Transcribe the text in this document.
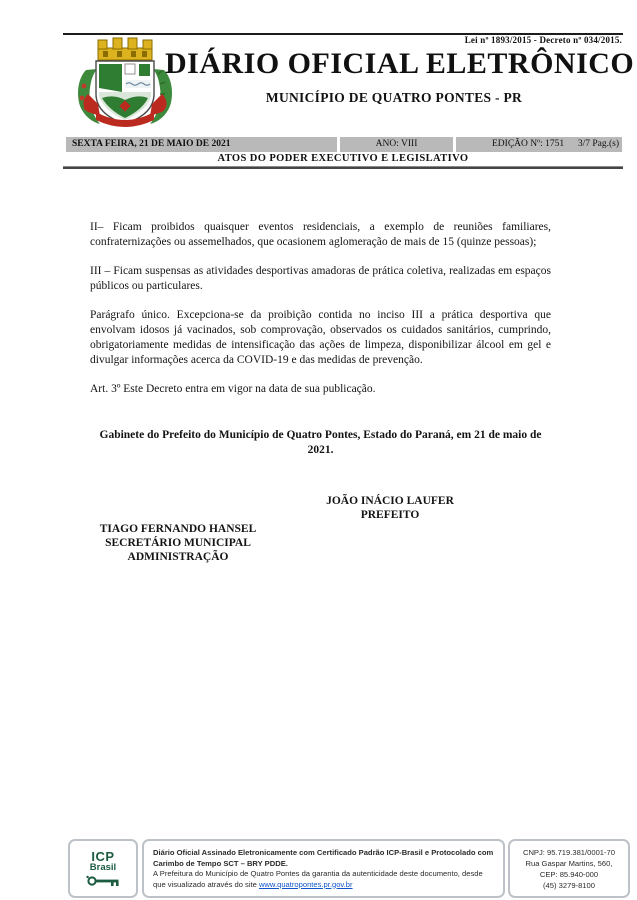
Lei nº 1893/2015 - Decreto nº 034/2015.
DIÁRIO OFICIAL ELETRÔNICO
MUNICÍPIO DE QUATRO PONTES - PR
SEXTA FEIRA, 21 DE MAIO DE 2021	ANO: VIII	EDIÇÃO Nº: 1751 3/7 Pag.(s)
ATOS DO PODER EXECUTIVO E LEGISLATIVO

II– Ficam proibidos quaisquer eventos residenciais, a exemplo de reuniões familiares, confraternizações ou assemelhados, que ocasionem aglomeração de mais de 15 (quinze pessoas);

III – Ficam suspensas as atividades desportivas amadoras de prática coletiva, realizadas em espaços públicos ou particulares.

Parágrafo único. Excepciona-se da proibição contida no inciso III a prática desportiva que envolvam idosos já vacinados, sob comprovação, observados os cuidados sanitários, cumprindo, obrigatoriamente medidas de intensificação das ações de limpeza, disponibilizar álcool em gel e divulgar informações acerca da COVID-19 e das medidas de prevenção.

Art. 3º Este Decreto entra em vigor na data de sua publicação.

Gabinete do Prefeito do Município de Quatro Pontes, Estado do Paraná, em 21 de maio de 2021.
JOÃO INÁCIO LAUFER
PREFEITO
TIAGO FERNANDO HANSEL
SECRETÁRIO MUNICIPAL
ADMINISTRAÇÃO
ICP
Brasil
Diário Oficial Assinado Eletronicamente com Certificado Padrão ICP-Brasil e Protocolado com Carimbo de Tempo SCT – BRY PDDE.
A Prefeitura do Município de Quatro Pontes da garantia da autenticidade deste documento, desde que visualizado através do site www.quatropontes.pr.gov.br
CNPJ: 95.719.381/0001-70
Rua Gaspar Martins, 560,
CEP: 85.940-000
(45) 3279-8100
